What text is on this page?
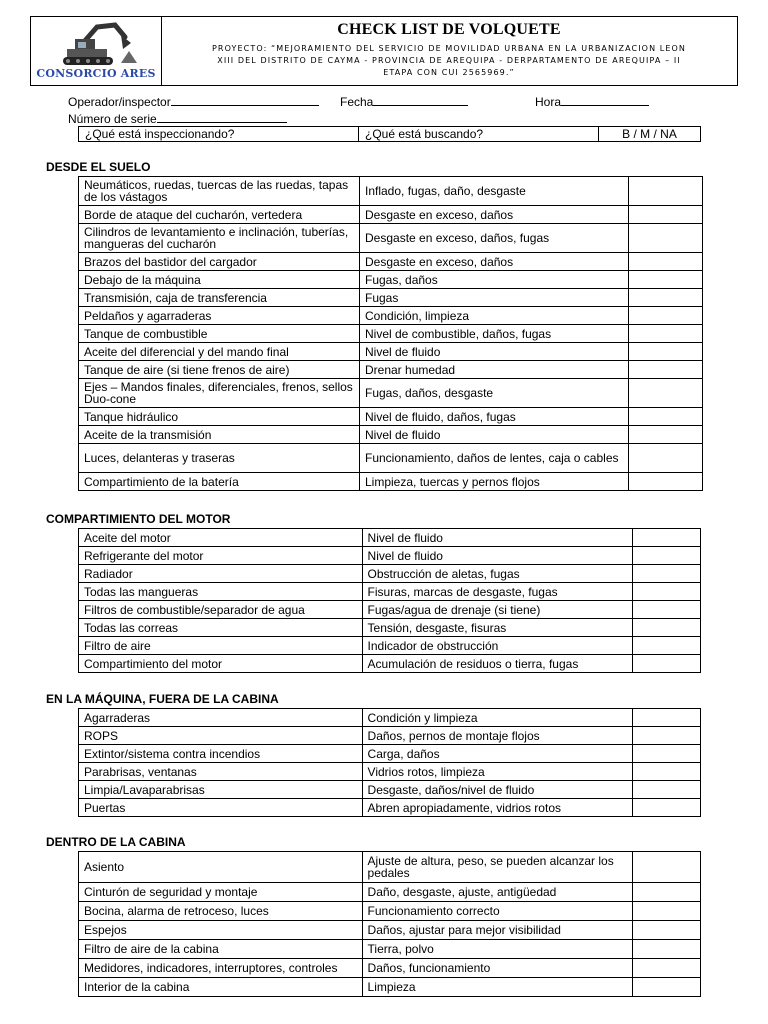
CONSORCIO ARES
CHECK LIST DE VOLQUETE
PROYECTO: “MEJORAMIENTO DEL SERVICIO DE MOVILIDAD URBANA EN LA URBANIZACION LEON
XIII DEL DISTRITO DE CAYMA - PROVINCIA DE AREQUIPA - DERPARTAMENTO DE AREQUIPA – II
ETAPA CON CUI 2565969.”
Operador/inspector	Fecha	Hora
Número de serie
¿Qué está inspeccionando?	¿Qué está buscando?	B / M / NA
DESDE EL SUELO
Neumáticos, ruedas, tuercas de las ruedas, tapas de los vástagos	Inflado, fugas, daño, desgaste	
Borde de ataque del cucharón, vertedera	Desgaste en exceso, daños	
Cilindros de levantamiento e inclinación, tuberías, mangueras del cucharón	Desgaste en exceso, daños, fugas	
Brazos del bastidor del cargador	Desgaste en exceso, daños	
Debajo de la máquina	Fugas, daños	
Transmisión, caja de transferencia	Fugas	
Peldaños y agarraderas	Condición, limpieza	
Tanque de combustible	Nivel de combustible, daños, fugas	
Aceite del diferencial y del mando final	Nivel de fluido	
Tanque de aire (si tiene frenos de aire)	Drenar humedad	
Ejes – Mandos finales, diferenciales, frenos, sellos Duo-cone	Fugas, daños, desgaste	
Tanque hidráulico	Nivel de fluido, daños, fugas	
Aceite de la transmisión	Nivel de fluido	
Luces, delanteras y traseras	Funcionamiento, daños de lentes, caja o cables	
Compartimiento de la batería	Limpieza, tuercas y pernos flojos	
COMPARTIMIENTO DEL MOTOR
Aceite del motor	Nivel de fluido	
Refrigerante del motor	Nivel de fluido	
Radiador	Obstrucción de aletas, fugas	
Todas las mangueras	Fisuras, marcas de desgaste, fugas	
Filtros de combustible/separador de agua	Fugas/agua de drenaje (si tiene)	
Todas las correas	Tensión, desgaste, fisuras	
Filtro de aire	Indicador de obstrucción	
Compartimiento del motor	Acumulación de residuos o tierra, fugas	
EN LA MÁQUINA, FUERA DE LA CABINA
Agarraderas	Condición y limpieza	
ROPS	Daños, pernos de montaje flojos	
Extintor/sistema contra incendios	Carga, daños	
Parabrisas, ventanas	Vidrios rotos, limpieza	
Limpia/Lavaparabrisas	Desgaste, daños/nivel de fluido	
Puertas	Abren apropiadamente, vidrios rotos	
DENTRO DE LA CABINA
Asiento	Ajuste de altura, peso, se pueden alcanzar los pedales	
Cinturón de seguridad y montaje	Daño, desgaste, ajuste, antigüedad	
Bocina, alarma de retroceso, luces	Funcionamiento correcto	
Espejos	Daños, ajustar para mejor visibilidad	
Filtro de aire de la cabina	Tierra, polvo	
Medidores, indicadores, interruptores, controles	Daños, funcionamiento	
Interior de la cabina	Limpieza	
